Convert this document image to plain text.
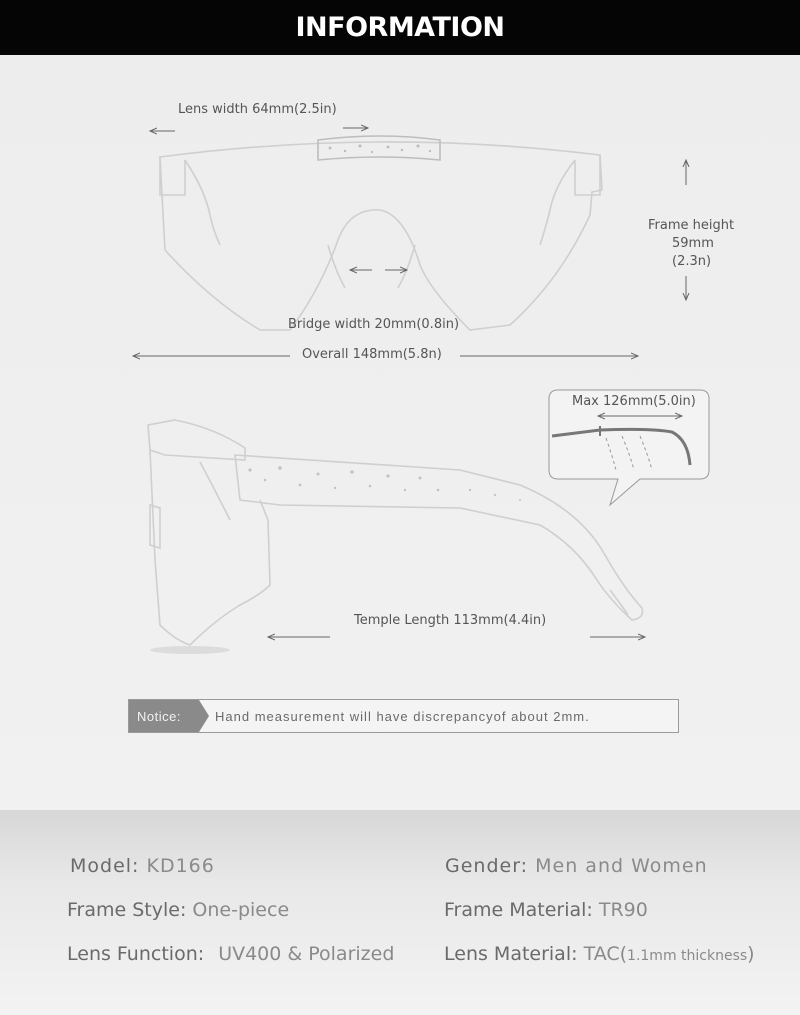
INFORMATION
Lens width 64mm(2.5in)
Frame height
59mm
(2.3n)
Bridge width 20mm(0.8in)
Overall 148mm(5.8n)
Max 126mm(5.0in)
Temple Length 113mm(4.4in)
Notice:	Hand measurement will have discrepancyof about 2mm.
Model: KD166	Gender: Men and Women
Frame Style: One-piece	Frame Material: TR90
Lens Function: UV400 & Polarized	Lens Material: TAC(1.1mm thickness)
